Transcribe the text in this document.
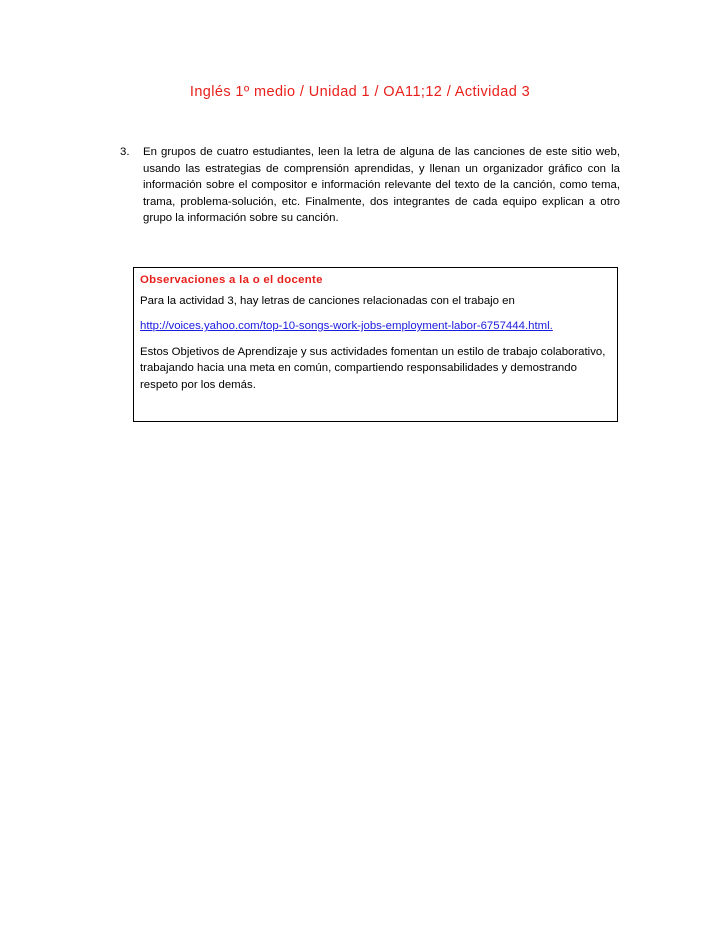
Inglés 1º medio / Unidad 1 / OA11;12 / Actividad 3
3.	En grupos de cuatro estudiantes, leen la letra de alguna de las canciones de este sitio web, usando las estrategias de comprensión aprendidas, y llenan un organizador gráfico con la información sobre el compositor e información relevante del texto de la canción, como tema, trama, problema-solución, etc. Finalmente, dos integrantes de cada equipo explican a otro grupo la información sobre su canción.
Observaciones a la o el docente
Para la actividad 3, hay letras de canciones relacionadas con el trabajo en
http://voices.yahoo.com/top-10-songs-work-jobs-employment-labor-6757444.html.
Estos Objetivos de Aprendizaje y sus actividades fomentan un estilo de trabajo colaborativo, trabajando hacia una meta en común, compartiendo responsabilidades y demostrando respeto por los demás.
